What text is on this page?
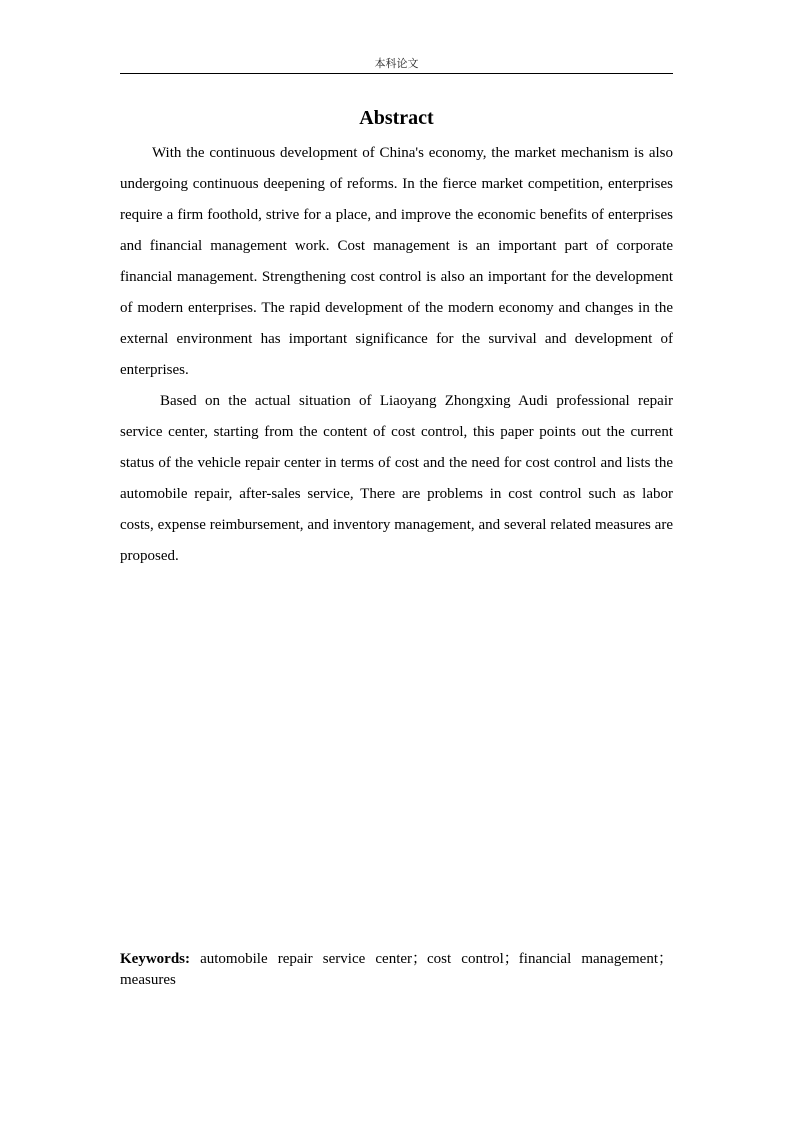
本科论文
Abstract

With the continuous development of China's economy, the market mechanism is also undergoing continuous deepening of reforms. In the fierce market competition, enterprises require a firm foothold, strive for a place, and improve the economic benefits of enterprises and financial management work. Cost management is an important part of corporate financial management. Strengthening cost control is also an important for the development of modern enterprises. The rapid development of the modern economy and changes in the external environment has important significance for the survival and development of enterprises.

Based on the actual situation of Liaoyang Zhongxing Audi professional repair service center, starting from the content of cost control, this paper points out the current status of the vehicle repair center in terms of cost and the need for cost control and lists the automobile repair, after-sales service, There are problems in cost control such as labor costs, expense reimbursement, and inventory management, and several related measures are proposed.

Keywords: automobile repair service center；cost control；financial management；measures
